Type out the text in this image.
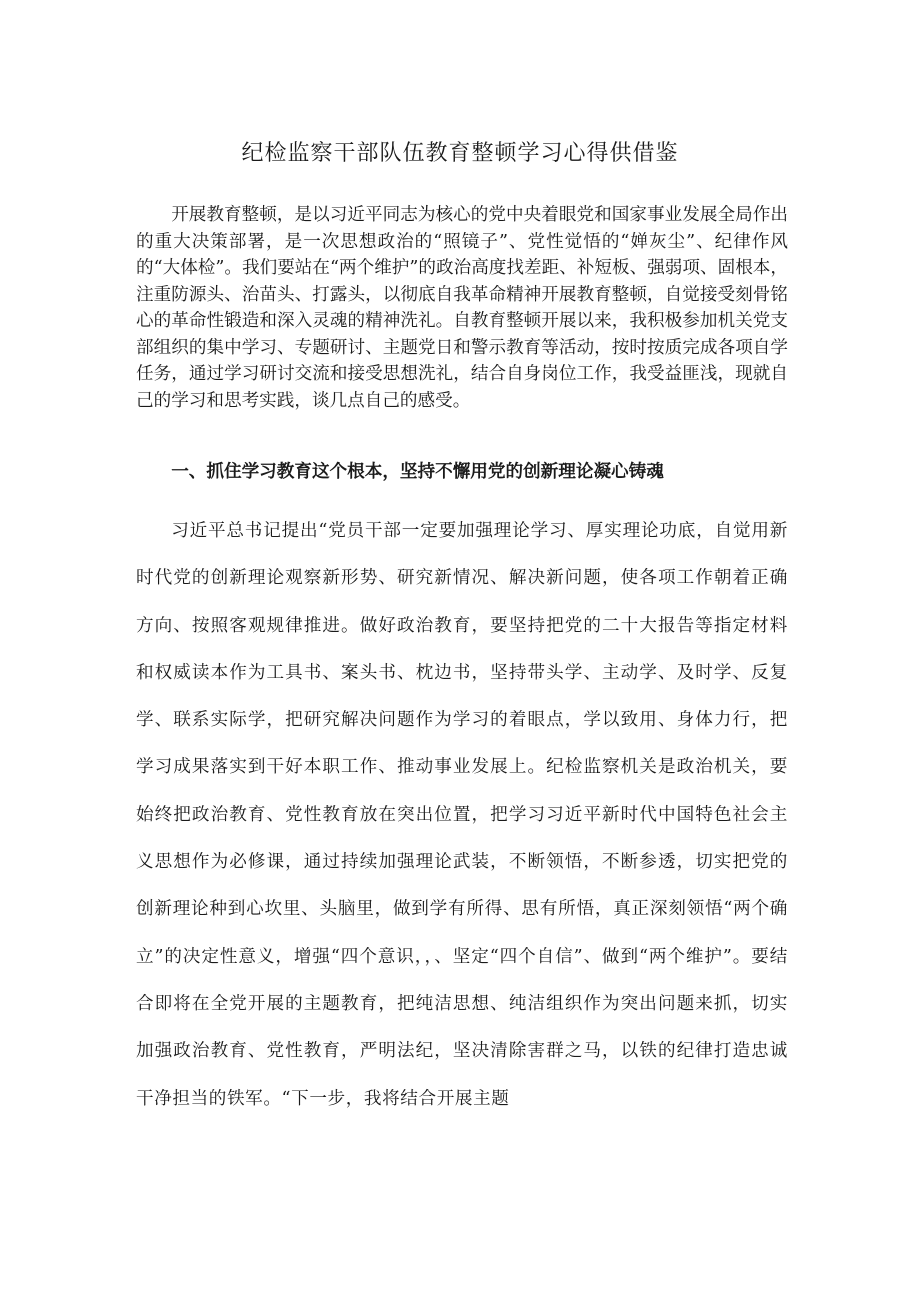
纪检监察干部队伍教育整顿学习心得供借鉴

开展教育整顿，是以习近平同志为核心的党中央着眼党和国家事业发展全局作出的重大决策部署，是一次思想政治的“照镜子”、党性觉悟的“婵灰尘”、纪律作风的“大体检”。我们要站在“两个维护”的政治高度找差距、补短板、强弱项、固根本，注重防源头、治苗头、打露头，以彻底自我革命精神开展教育整顿，自觉接受刻骨铭心的革命性锻造和深入灵魂的精神洗礼。自教育整顿开展以来，我积极参加机关党支部组织的集中学习、专题研讨、主题党日和警示教育等活动，按时按质完成各项自学任务，通过学习研讨交流和接受思想洗礼，结合自身岗位工作，我受益匪浅，现就自己的学习和思考实践，谈几点自己的感受。

一、抓住学习教育这个根本，坚持不懈用党的创新理论凝心铸魂

习近平总书记提出“党员干部一定要加强理论学习、厚实理论功底，自觉用新时代党的创新理论观察新形势、研究新情况、解决新问题，使各项工作朝着正确方向、按照客观规律推进。做好政治教育，要坚持把党的二十大报告等指定材料和权威读本作为工具书、案头书、枕边书，坚持带头学、主动学、及时学、反复学、联系实际学，把研究解决问题作为学习的着眼点，学以致用、身体力行，把学习成果落实到干好本职工作、推动事业发展上。纪检监察机关是政治机关，要始终把政治教育、党性教育放在突出位置，把学习习近平新时代中国特色社会主义思想作为必修课，通过持续加强理论武装，不断领悟，不断参透，切实把党的创新理论种到心坎里、头脑里，做到学有所得、思有所悟，真正深刻领悟“两个确立”的决定性意义，增强“四个意识，，、坚定“四个自信”、做到“两个维护”。要结合即将在全党开展的主题教育，把纯洁思想、纯洁组织作为突出问题来抓，切实加强政治教育、党性教育，严明法纪，坚决清除害群之马，以铁的纪律打造忠诚干净担当的铁军。“下一步，我将结合开展主题
